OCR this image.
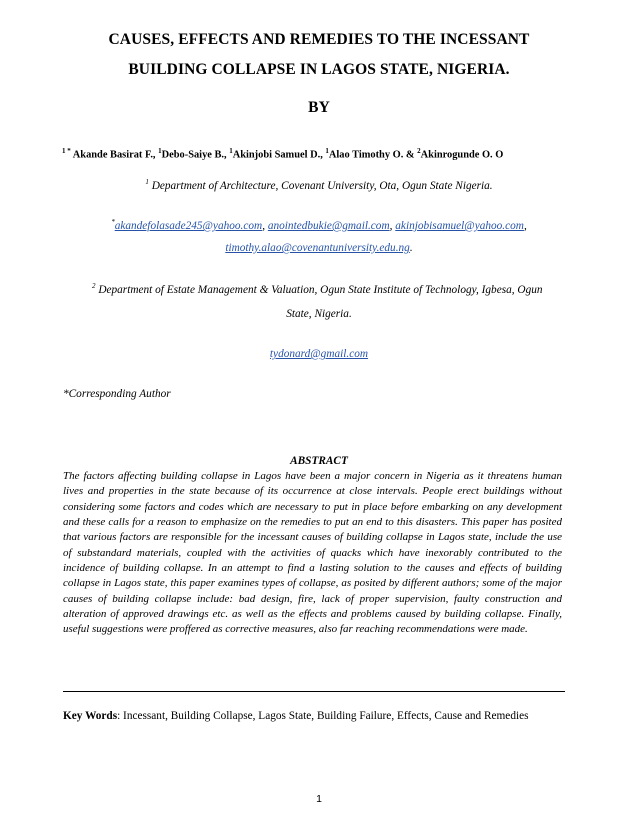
CAUSES, EFFECTS AND REMEDIES TO THE INCESSANT
BUILDING COLLAPSE IN LAGOS STATE, NIGERIA.
BY
$^{1 *}$ Akande Basirat F., $^1$Debo-Saiye B., $^1$Akinjobi Samuel D., $^1$Alao Timothy O. & $^2$Akinrogunde O. O
$^1$ Department of Architecture, Covenant University, Ota, Ogun State Nigeria.
*akandefolasade245@yahoo.com, anointedbukie@gmail.com, akinjobisamuel@yahoo.com,
timothy.alao@covenantuniversity.edu.ng.
$^2$ Department of Estate Management & Valuation, Ogun State Institute of Technology, Igbesa, Ogun
State, Nigeria.
tydonard@gmail.com
*Corresponding Author
ABSTRACT
The factors affecting building collapse in Lagos have been a major concern in Nigeria as it threatens human lives and properties in the state because of its occurrence at close intervals. People erect buildings without considering some factors and codes which are necessary to put in place before embarking on any development and these calls for a reason to emphasize on the remedies to put an end to this disasters. This paper has posited that various factors are responsible for the incessant causes of building collapse in Lagos state, include the use of substandard materials, coupled with the activities of quacks which have inexorably contributed to the incidence of building collapse. In an attempt to find a lasting solution to the causes and effects of building collapse in Lagos state, this paper examines types of collapse, as posited by different authors; some of the major causes of building collapse include: bad design, fire, lack of proper supervision, faulty construction and alteration of approved drawings etc. as well as the effects and problems caused by building collapse. Finally, useful suggestions were proffered as corrective measures, also far reaching recommendations were made.
Key Words: Incessant, Building Collapse, Lagos State, Building Failure, Effects, Cause and Remedies
1
